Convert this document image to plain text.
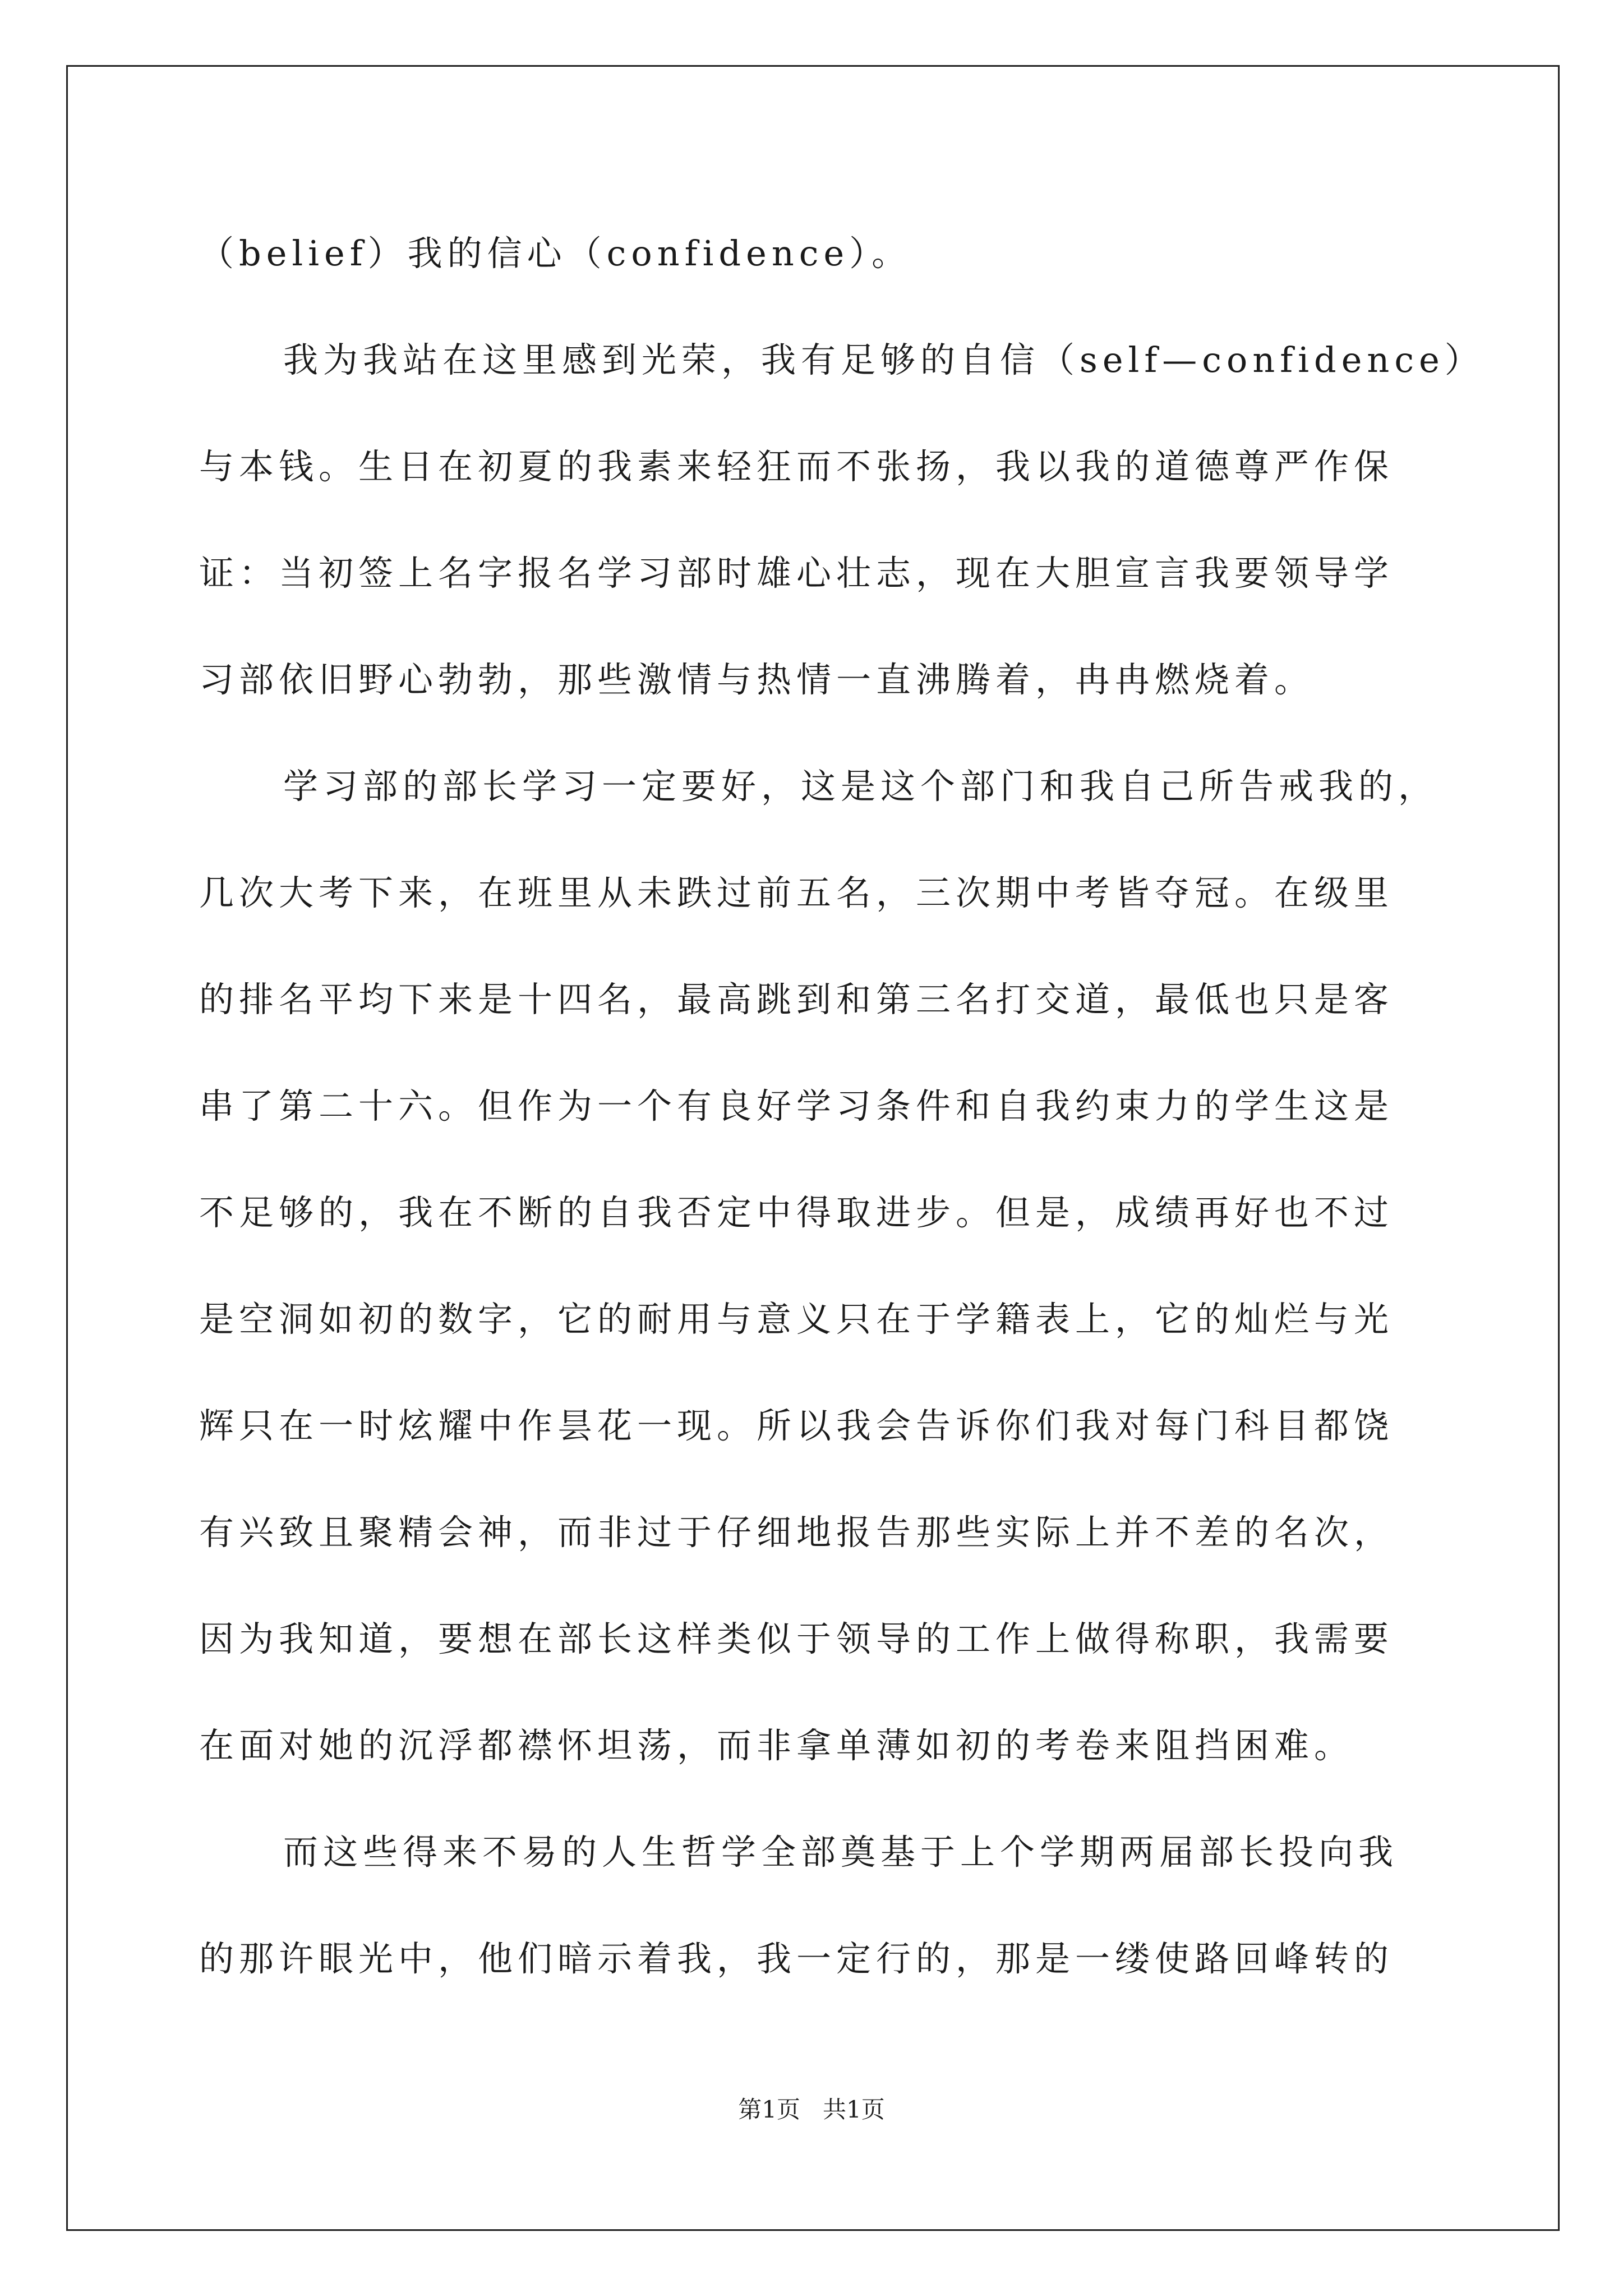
（belief）我的信心（confidence）。
我为我站在这里感到光荣，我有足够的自信（self—confidence）
与本钱。生日在初夏的我素来轻狂而不张扬，我以我的道德尊严作保
证：当初签上名字报名学习部时雄心壮志，现在大胆宣言我要领导学
习部依旧野心勃勃，那些激情与热情一直沸腾着，冉冉燃烧着。
学习部的部长学习一定要好，这是这个部门和我自己所告戒我的，
几次大考下来，在班里从未跌过前五名，三次期中考皆夺冠。在级里
的排名平均下来是十四名，最高跳到和第三名打交道，最低也只是客
串了第二十六。但作为一个有良好学习条件和自我约束力的学生这是
不足够的，我在不断的自我否定中得取进步。但是，成绩再好也不过
是空洞如初的数字，它的耐用与意义只在于学籍表上，它的灿烂与光
辉只在一时炫耀中作昙花一现。所以我会告诉你们我对每门科目都饶
有兴致且聚精会神，而非过于仔细地报告那些实际上并不差的名次，
因为我知道，要想在部长这样类似于领导的工作上做得称职，我需要
在面对她的沉浮都襟怀坦荡，而非拿单薄如初的考卷来阻挡困难。
而这些得来不易的人生哲学全部奠基于上个学期两届部长投向我
的那许眼光中，他们暗示着我，我一定行的，那是一缕使路回峰转的
第1页   共1页
